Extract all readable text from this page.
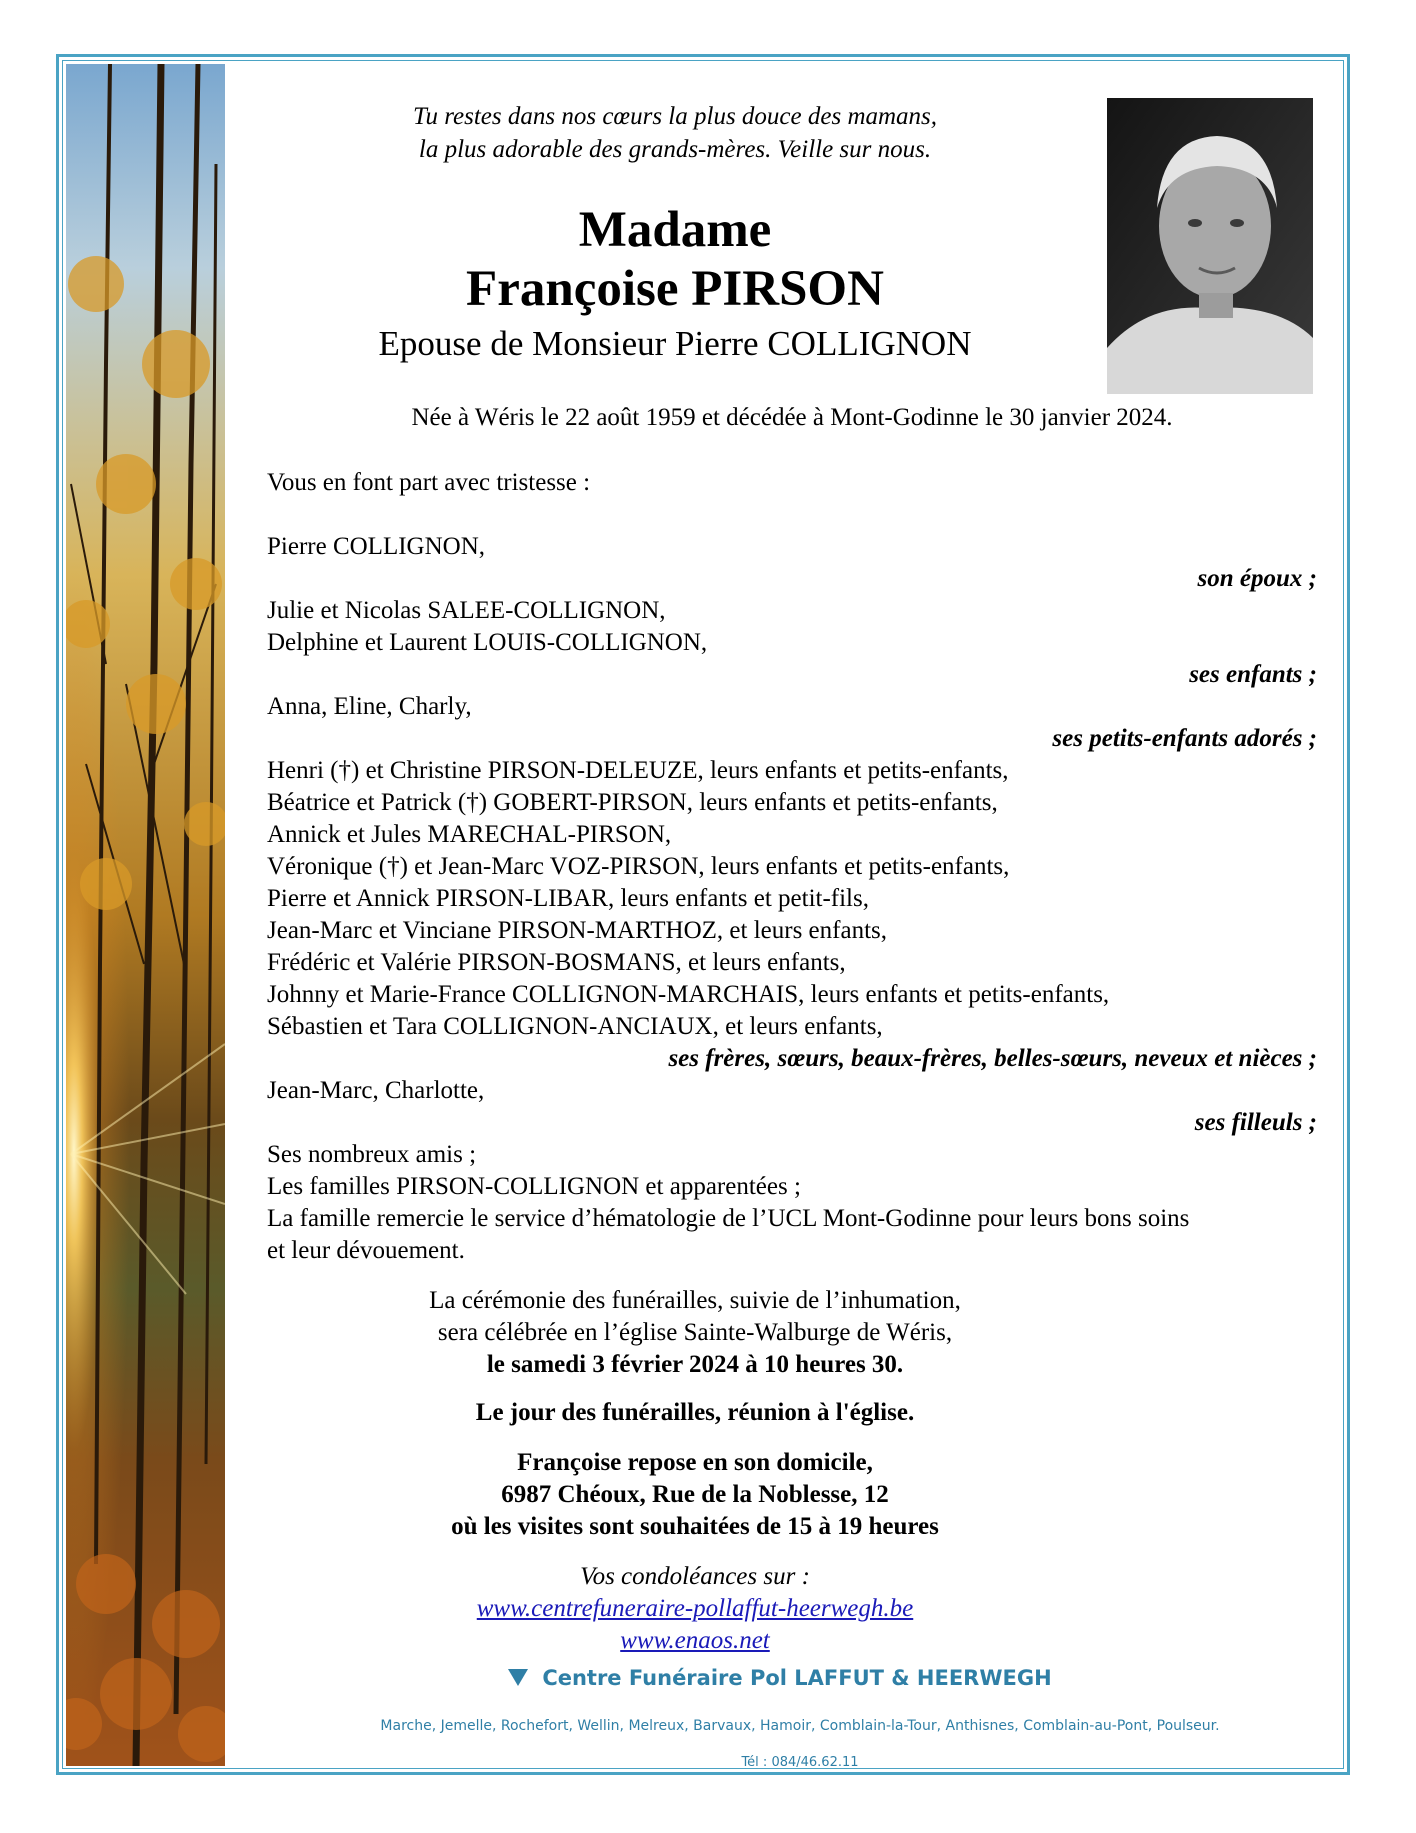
Tu restes dans nos cœurs la plus douce des mamans,
la plus adorable des grands-mères. Veille sur nous.
Madame
Françoise PIRSON
Epouse de Monsieur Pierre COLLIGNON
Née à Wéris le 22 août 1959 et décédée à Mont-Godinne le 30 janvier 2024.
Vous en font part avec tristesse :
Pierre COLLIGNON,
son époux ;
Julie et Nicolas SALEE-COLLIGNON,
Delphine et Laurent LOUIS-COLLIGNON,
ses enfants ;
Anna, Eline, Charly,
ses petits-enfants adorés ;
Henri (†) et Christine PIRSON-DELEUZE, leurs enfants et petits-enfants,
Béatrice et Patrick (†) GOBERT-PIRSON, leurs enfants et petits-enfants,
Annick et Jules MARECHAL-PIRSON,
Véronique (†) et Jean-Marc VOZ-PIRSON, leurs enfants et petits-enfants,
Pierre et Annick PIRSON-LIBAR, leurs enfants et petit-fils,
Jean-Marc et Vinciane PIRSON-MARTHOZ, et leurs enfants,
Frédéric et Valérie PIRSON-BOSMANS, et leurs enfants,
Johnny et Marie-France COLLIGNON-MARCHAIS, leurs enfants et petits-enfants,
Sébastien et Tara COLLIGNON-ANCIAUX, et leurs enfants,
ses frères, sœurs, beaux-frères, belles-sœurs, neveux et nièces ;
Jean-Marc, Charlotte,
ses filleuls ;
Ses nombreux amis ;
Les familles PIRSON-COLLIGNON et apparentées ;
La famille remercie le service d’hématologie de l’UCL Mont-Godinne pour leurs bons soins
et leur dévouement.
La cérémonie des funérailles, suivie de l’inhumation,
sera célébrée en l’église Sainte-Walburge de Wéris,
le samedi 3 février 2024 à 10 heures 30.
Le jour des funérailles, réunion à l'église.
Françoise repose en son domicile,
6987 Chéoux, Rue de la Noblesse, 12
où les visites sont souhaitées de 15 à 19 heures
Vos condoléances sur :
www.centrefuneraire-pollaffut-heerwegh.be
www.enaos.net
Centre Funéraire Pol LAFFUT & HEERWEGH
Marche, Jemelle, Rochefort, Wellin, Melreux, Barvaux, Hamoir, Comblain-la-Tour, Anthisnes, Comblain-au-Pont, Poulseur.
Tél : 084/46.62.11
